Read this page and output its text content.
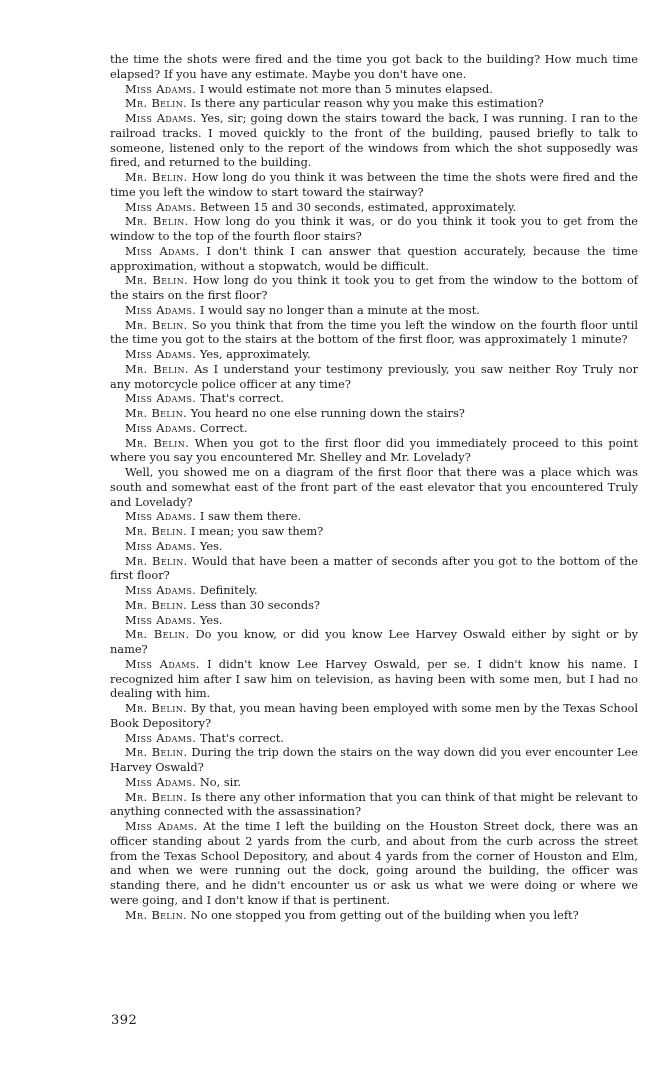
the time the shots were fired and the time you got back to the building? How much time elapsed? If you have any estimate. Maybe you don't have one.

Miss Adams. I would estimate not more than 5 minutes elapsed.

Mr. Belin. Is there any particular reason why you make this estimation?

Miss Adams. Yes, sir; going down the stairs toward the back, I was running. I ran to the railroad tracks. I moved quickly to the front of the building, paused briefly to talk to someone, listened only to the report of the windows from which the shot supposedly was fired, and returned to the building.

Mr. Belin. How long do you think it was between the time the shots were fired and the time you left the window to start toward the stairway?

Miss Adams. Between 15 and 30 seconds, estimated, approximately.

Mr. Belin. How long do you think it was, or do you think it took you to get from the window to the top of the fourth floor stairs?

Miss Adams. I don't think I can answer that question accurately, because the time approximation, without a stopwatch, would be difficult.

Mr. Belin. How long do you think it took you to get from the window to the bottom of the stairs on the first floor?

Miss Adams. I would say no longer than a minute at the most.

Mr. Belin. So you think that from the time you left the window on the fourth floor until the time you got to the stairs at the bottom of the first floor, was approximately 1 minute?

Miss Adams. Yes, approximately.

Mr. Belin. As I understand your testimony previously, you saw neither Roy Truly nor any motorcycle police officer at any time?

Miss Adams. That's correct.

Mr. Belin. You heard no one else running down the stairs?

Miss Adams. Correct.

Mr. Belin. When you got to the first floor did you immediately proceed to this point where you say you encountered Mr. Shelley and Mr. Lovelady?

Well, you showed me on a diagram of the first floor that there was a place which was south and somewhat east of the front part of the east elevator that you encountered Truly and Lovelady?

Miss Adams. I saw them there.

Mr. Belin. I mean; you saw them?

Miss Adams. Yes.

Mr. Belin. Would that have been a matter of seconds after you got to the bottom of the first floor?

Miss Adams. Definitely.

Mr. Belin. Less than 30 seconds?

Miss Adams. Yes.

Mr. Belin. Do you know, or did you know Lee Harvey Oswald either by sight or by name?

Miss Adams. I didn't know Lee Harvey Oswald, per se. I didn't know his name. I recognized him after I saw him on television, as having been with some men, but I had no dealing with him.

Mr. Belin. By that, you mean having been employed with some men by the Texas School Book Depository?

Miss Adams. That's correct.

Mr. Belin. During the trip down the stairs on the way down did you ever encounter Lee Harvey Oswald?

Miss Adams. No, sir.

Mr. Belin. Is there any other information that you can think of that might be relevant to anything connected with the assassination?

Miss Adams. At the time I left the building on the Houston Street dock, there was an officer standing about 2 yards from the curb, and about from the curb across the street from the Texas School Depository, and about 4 yards from the corner of Houston and Elm, and when we were running out the dock, going around the building, the officer was standing there, and he didn't encounter us or ask us what we were doing or where we were going, and I don't know if that is pertinent.

Mr. Belin. No one stopped you from getting out of the building when you left?

392
